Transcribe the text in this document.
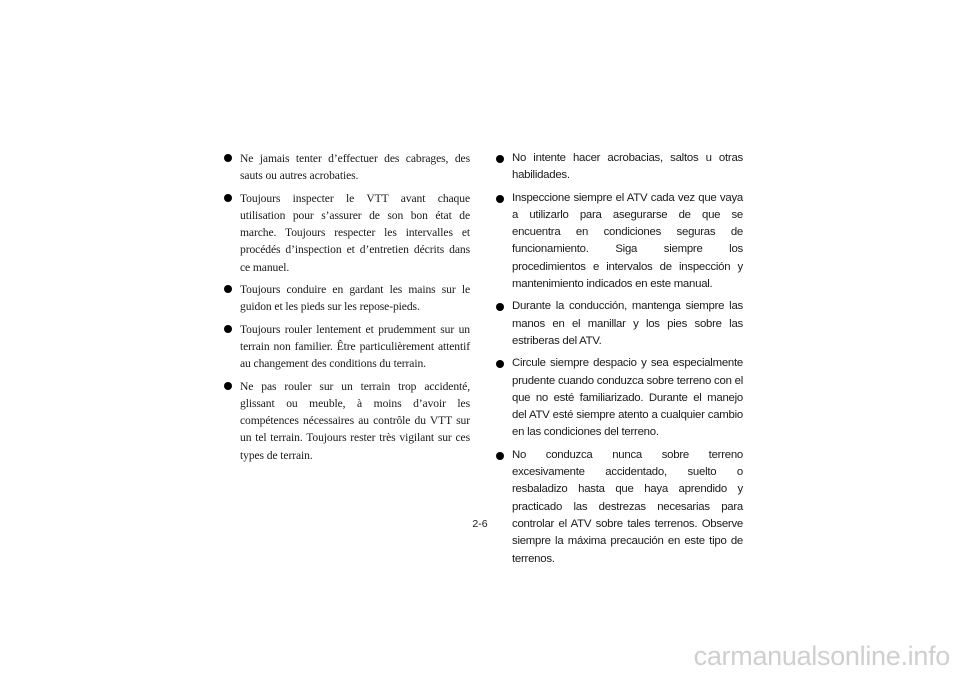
Ne jamais tenter d’effectuer des cabrages, des sauts ou autres acrobaties.
Toujours inspecter le VTT avant chaque utilisation pour s’assurer de son bon état de marche. Toujours respecter les intervalles et procédés d’inspection et d’entretien décrits dans ce manuel.
Toujours conduire en gardant les mains sur le guidon et les pieds sur les repose-pieds.
Toujours rouler lentement et prudemment sur un terrain non familier. Être particulièrement attentif au changement des conditions du terrain.
Ne pas rouler sur un terrain trop accidenté, glissant ou meuble, à moins d’avoir les compétences nécessaires au contrôle du VTT sur un tel terrain. Toujours rester très vigilant sur ces types de terrain.
No intente hacer acrobacias, saltos u otras habilidades.
Inspeccione siempre el ATV cada vez que vaya a utilizarlo para asegurarse de que se encuentra en condiciones seguras de funcionamiento. Siga siempre los procedimientos e intervalos de inspección y mantenimiento indicados en este manual.
Durante la conducción, mantenga siempre las manos en el manillar y los pies sobre las estriberas del ATV.
Circule siempre despacio y sea especialmente prudente cuando conduzca sobre terreno con el que no esté familiarizado. Durante el manejo del ATV esté siempre atento a cualquier cambio en las condiciones del terreno.
No conduzca nunca sobre terreno excesivamente accidentado, suelto o resbaladizo hasta que haya aprendido y practicado las destrezas necesarias para controlar el ATV sobre tales terrenos. Observe siempre la máxima precaución en este tipo de terrenos.
2-6
carmanualsonline.info
